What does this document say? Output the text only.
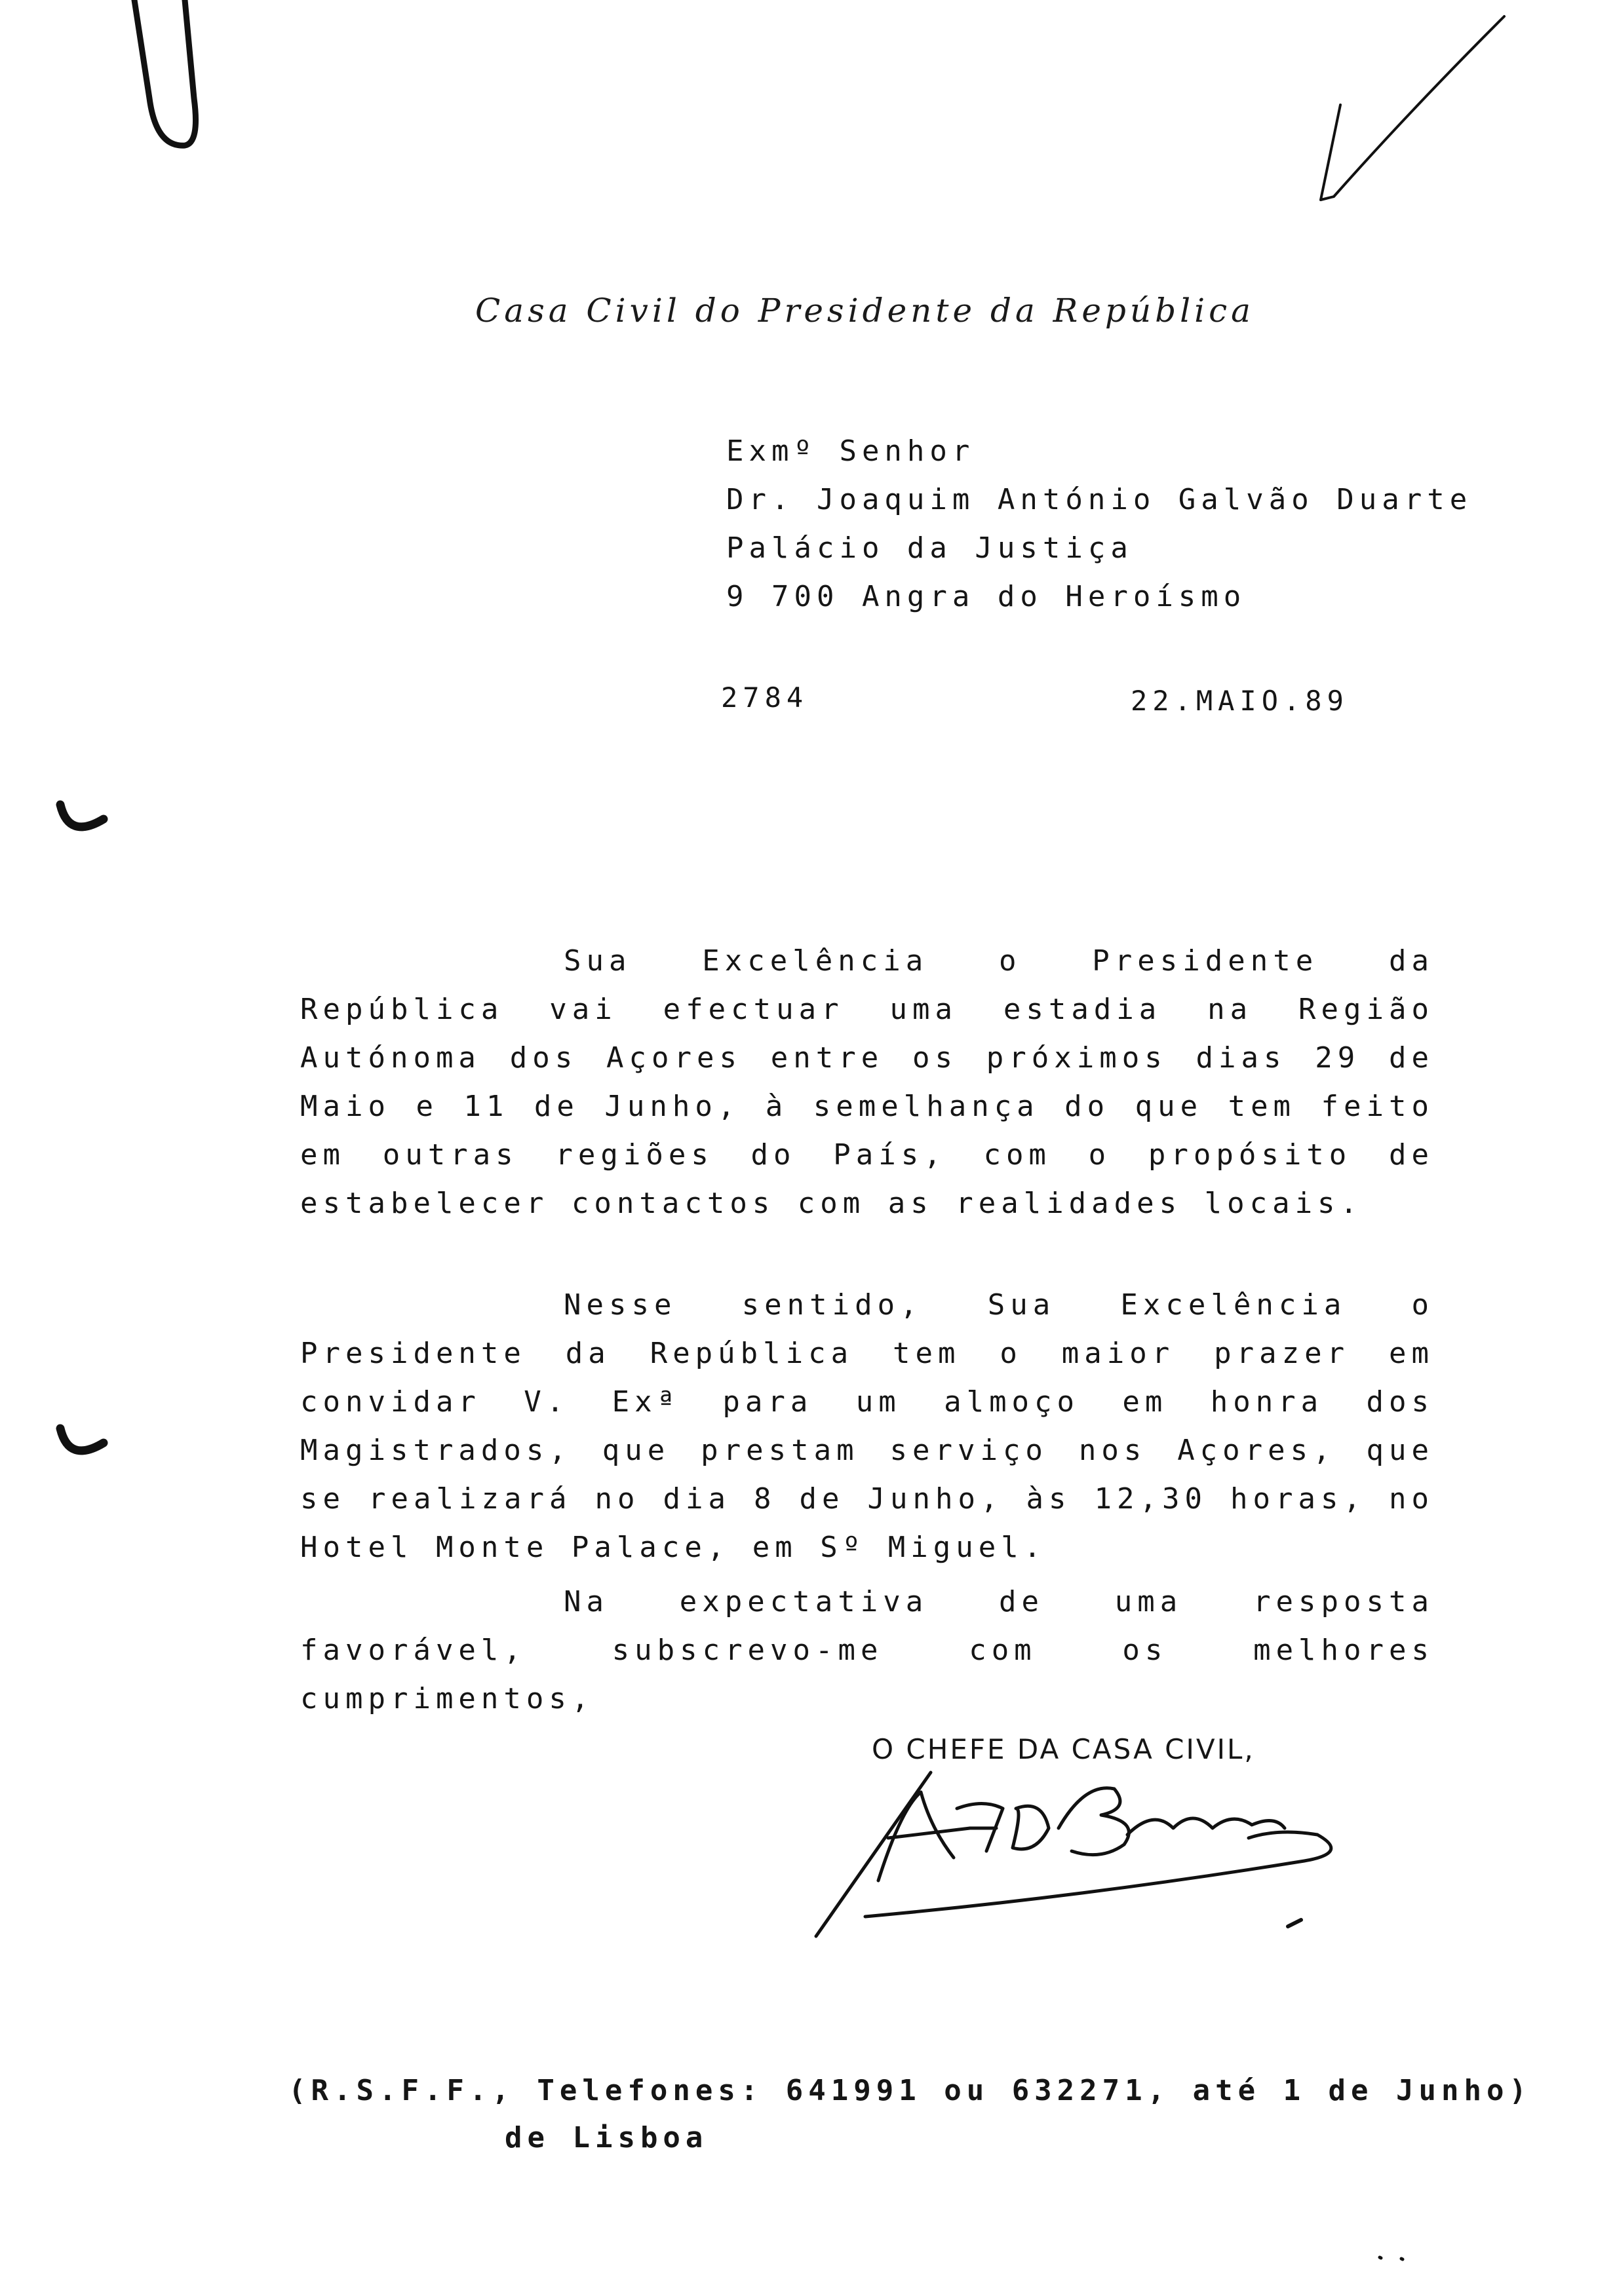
Casa Civil do Presidente da República
Exmº Senhor
Dr. Joaquim António Galvão Duarte
Palácio da Justiça
9 700 Angra do Heroísmo
2784	22.MAIO.89
Sua Excelência o Presidente da República vai efectuar uma estadia na Região Autónoma dos Açores entre os próximos dias 29 de Maio e 11 de Junho, à semelhança do que tem feito em outras regiões do País, com o propósito de estabelecer contactos com as realidades locais.
Nesse sentido, Sua Excelência o Presidente da República tem o maior prazer em convidar V. Exª para um almoço em honra dos Magistrados, que prestam serviço nos Açores, que se realizará no dia 8 de Junho, às 12,30 horas, no Hotel Monte Palace, em Sº Miguel.
Na expectativa de uma resposta favorável, subscrevo-me com os melhores cumprimentos,
O CHEFE DA CASA CIVIL,
(R.S.F.F., Telefones: 641991 ou 632271, até 1 de Junho)
de Lisboa
